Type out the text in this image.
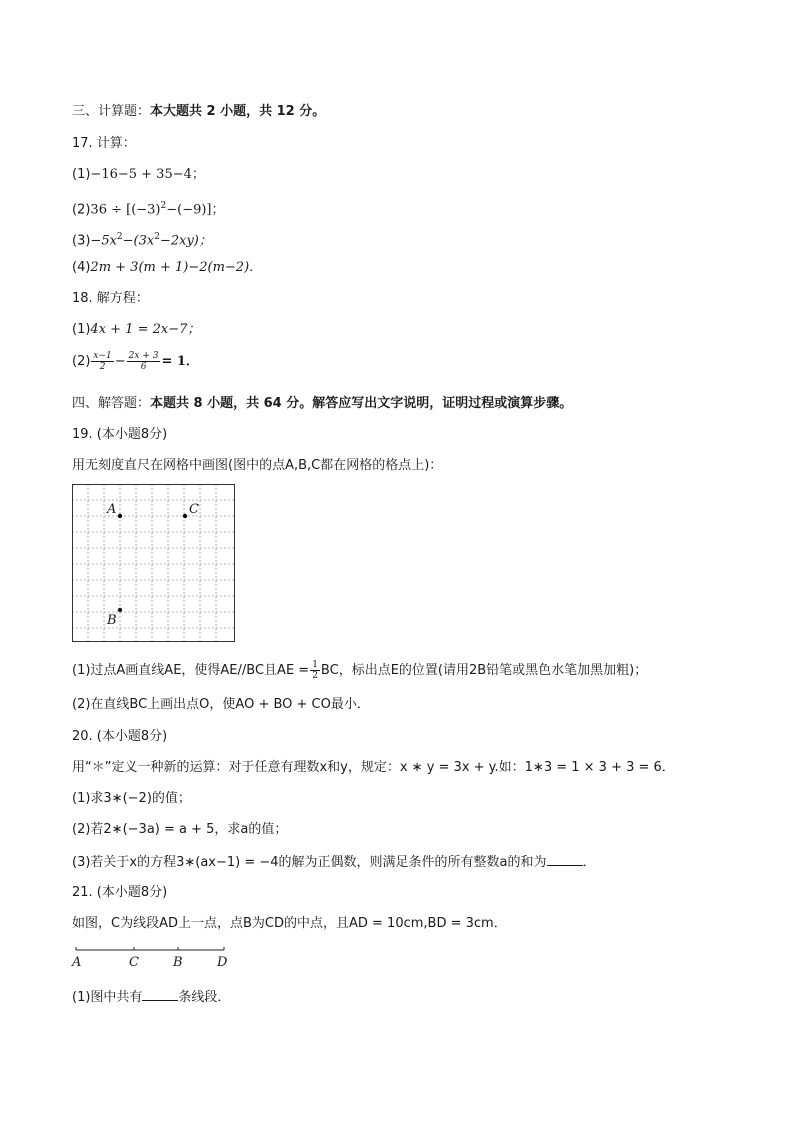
三、计算题：本大题共 2 小题，共 12 分。
17. 计算：
(1)−16−5 + 35−4；
$(2)36 \div [(-3)^2-(-9)]$；
$(3)-5x^2-(3x^2-2xy)$；
(4)2m + 3(m + 1)−2(m−2)．
18. 解方程：
(1)4x + 1 = 2x−7；
$(2) \frac{x-1}{2} - \frac{2x + 3}{6} = 1$．
四、解答题：本题共 8 小题，共 64 分。解答应写出文字说明，证明过程或演算步骤。
19. (本小题8分)
用无刻度直尺在网格中画图(图中的点A,B,C都在网格的格点上)：
A	C
B
(1)过点A画直线AE，使得AE//BC且AE = $\frac{1}{2}$ BC，标出点E的位置(请用2B铅笔或黑色水笔加黑加粗)；
(2)在直线BC上画出点O，使AO + BO + CO最小．
20. (本小题8分)
用“＊”定义一种新的运算：对于任意有理数x和y，规定：x ∗ y = 3x + y.如：1∗3 = 1 × 3 + 3 = 6．
(1)求3∗(−2)的值；
(2)若2∗(−3a) = a + 5，求a的值；
(3)若关于x的方程3∗(ax−1) = −4的解为正偶数，则满足条件的所有整数a的和为	．
21. (本小题8分)
如图，C为线段AD上一点，点B为CD的中点，且AD = 10cm,BD = 3cm．
A	C	B	D
(1)图中共有	条线段．
